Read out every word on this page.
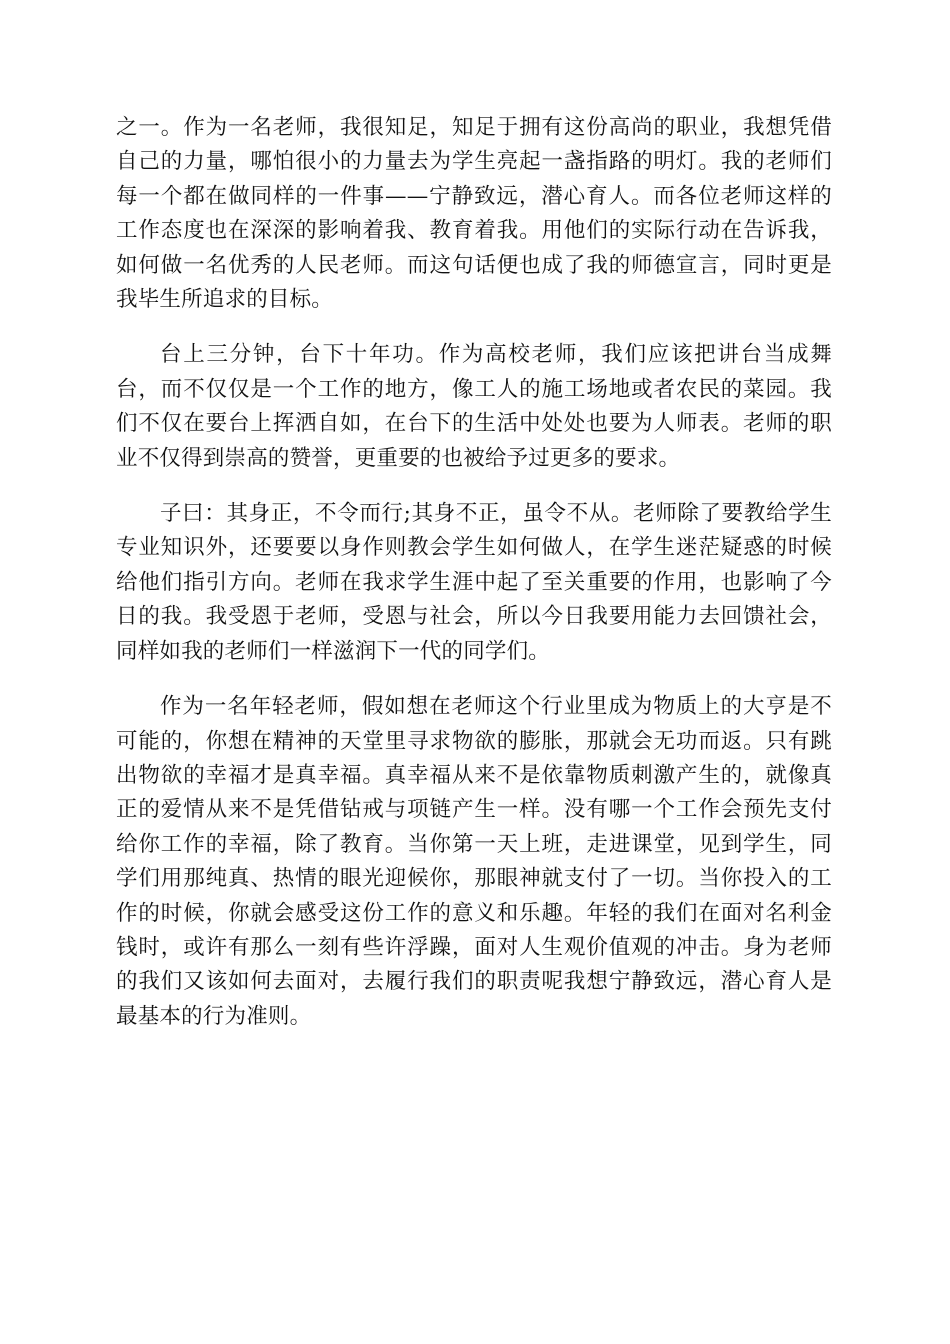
之一。作为一名老师，我很知足，知足于拥有这份高尚的职业，我想凭借自己的力量，哪怕很小的力量去为学生亮起一盏指路的明灯。我的老师们每一个都在做同样的一件事——宁静致远，潜心育人。而各位老师这样的工作态度也在深深的影响着我、教育着我。用他们的实际行动在告诉我，如何做一名优秀的人民老师。而这句话便也成了我的师德宣言，同时更是我毕生所追求的目标。

台上三分钟，台下十年功。作为高校老师，我们应该把讲台当成舞台，而不仅仅是一个工作的地方，像工人的施工场地或者农民的菜园。我们不仅在要台上挥洒自如，在台下的生活中处处也要为人师表。老师的职业不仅得到崇高的赞誉，更重要的也被给予过更多的要求。

子曰：其身正，不令而行;其身不正，虽令不从。老师除了要教给学生专业知识外，还要要以身作则教会学生如何做人，在学生迷茫疑惑的时候给他们指引方向。老师在我求学生涯中起了至关重要的作用，也影响了今日的我。我受恩于老师，受恩与社会，所以今日我要用能力去回馈社会，同样如我的老师们一样滋润下一代的同学们。

作为一名年轻老师，假如想在老师这个行业里成为物质上的大亨是不可能的，你想在精神的天堂里寻求物欲的膨胀，那就会无功而返。只有跳出物欲的幸福才是真幸福。真幸福从来不是依靠物质刺激产生的，就像真正的爱情从来不是凭借钻戒与项链产生一样。没有哪一个工作会预先支付给你工作的幸福，除了教育。当你第一天上班，走进课堂，见到学生，同学们用那纯真、热情的眼光迎候你，那眼神就支付了一切。当你投入的工作的时候，你就会感受这份工作的意义和乐趣。年轻的我们在面对名利金钱时，或许有那么一刻有些许浮躁，面对人生观价值观的冲击。身为老师的我们又该如何去面对，去履行我们的职责呢我想宁静致远，潜心育人是最基本的行为准则。
